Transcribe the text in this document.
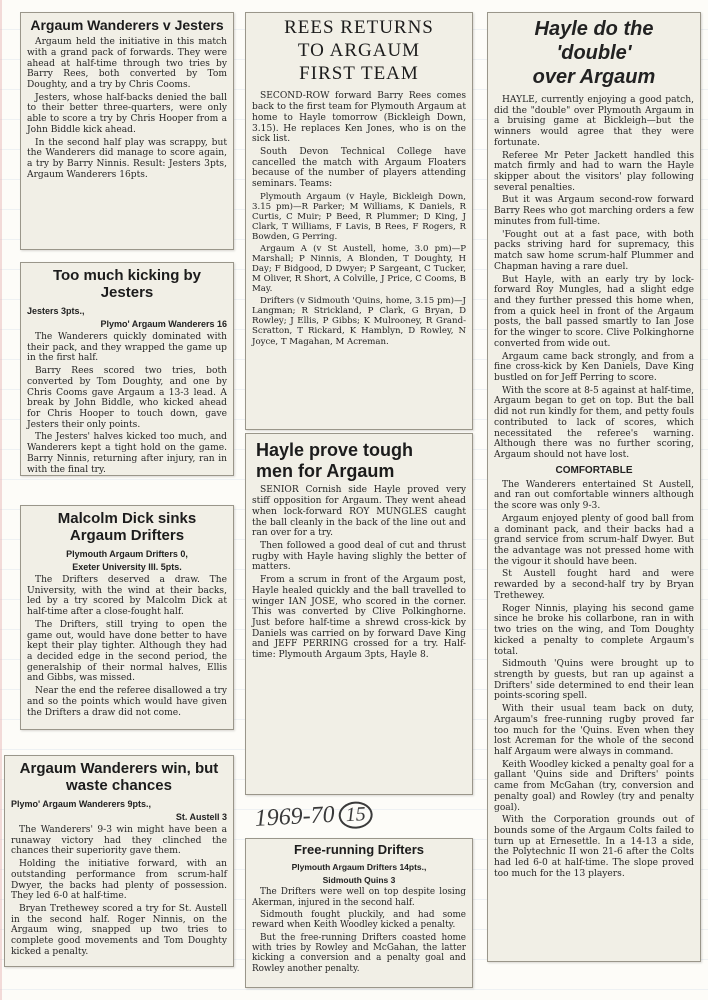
Argaum Wanderers v Jesters

Argaum held the initiative in this match with a grand pack of forwards. They were ahead at half-time through two tries by Barry Rees, both converted by Tom Doughty, and a try by Chris Cooms.

Jesters, whose half-backs denied the ball to their better three-quarters, were only able to score a try by Chris Hooper from a John Biddle kick ahead.

In the second half play was scrappy, but the Wanderers did manage to score again, a try by Barry Ninnis. Result: Jesters 3pts, Argaum Wanderers 16pts.

Too much kicking by Jesters
Jesters 3pts.,
Plymo' Argaum Wanderers 16

The Wanderers quickly dominated with their pack, and they wrapped the game up in the first half.

Barry Rees scored two tries, both converted by Tom Doughty, and one by Chris Cooms gave Argaum a 13-3 lead. A break by John Biddle, who kicked ahead for Chris Hooper to touch down, gave Jesters their only points.

The Jesters' halves kicked too much, and Wanderers kept a tight hold on the game. Barry Ninnis, returning after injury, ran in with the final try.

Malcolm Dick sinks Argaum Drifters
Plymouth Argaum Drifters 0,
Exeter University III. 5pts.

The Drifters deserved a draw. The University, with the wind at their backs, led by a try scored by Malcolm Dick at half-time after a close-fought half.

The Drifters, still trying to open the game out, would have done better to have kept their play tighter. Although they had a decided edge in the second period, the generalship of their normal halves, Ellis and Gibbs, was missed.

Near the end the referee disallowed a try and so the points which would have given the Drifters a draw did not come.

Argaum Wanderers win, but waste chances
Plymo' Argaum Wanderers 9pts.,
St. Austell 3

The Wanderers' 9-3 win might have been a runaway victory had they clinched the chances their superiority gave them.

Holding the initiative forward, with an outstanding performance from scrum-half Dwyer, the backs had plenty of possession. They led 6-0 at half-time.

Bryan Trethewey scored a try for St. Austell in the second half. Roger Ninnis, on the Argaum wing, snapped up two tries to complete good movements and Tom Doughty kicked a penalty.

REES RETURNS
TO ARGAUM
FIRST TEAM

SECOND-ROW forward Barry Rees comes back to the first team for Plymouth Argaum at home to Hayle tomorrow (Bickleigh Down, 3.15). He replaces Ken Jones, who is on the sick list.

South Devon Technical College have cancelled the match with Argaum Floaters because of the number of players attending seminars. Teams:

Plymouth Argaum (v Hayle, Bickleigh Down, 3.15 pm)—R Parker; M Williams, K Daniels, R Curtis, C Muir; P Beed, R Plummer; D King, J Clark, T Williams, F Lavis, B Rees, F Rogers, R Bowden, G Perring.

Argaum A (v St Austell, home, 3.0 pm)—P Marshall; P Ninnis, A Blonden, T Doughty, H Day; F Bidgood, D Dwyer; P Sargeant, C Tucker, M Oliver, R Short, A Colville, J Price, C Cooms, B May.

Drifters (v Sidmouth 'Quins, home, 3.15 pm)—J Langman; R Strickland, P Clark, G Bryan, D Rowley; J Ellis, P Gibbs; K Mulrooney, R Grand-Scratton, T Rickard, K Hamblyn, D Rowley, N Joyce, T Magahan, M Acreman.

Hayle prove tough men for Argaum

SENIOR Cornish side Hayle proved very stiff opposition for Argaum. They went ahead when lock-forward ROY MUNGLES caught the ball cleanly in the back of the line out and ran over for a try.

Then followed a good deal of cut and thrust rugby with Hayle having slighly the better of matters.

From a scrum in front of the Argaum post, Hayle healed quickly and the ball travelled to winger IAN JOSE, who scored in the corner. This was converted by Clive Polkinghorne. Just before half-time a shrewd cross-kick by Daniels was carried on by forward Dave King and JEFF PERRING crossed for a try. Half-time: Plymouth Argaum 3pts, Hayle 8.

1969-70 15
Free-running Drifters
Plymouth Argaum Drifters 14pts.,
Sidmouth Quins 3

The Drifters were well on top despite losing Akerman, injured in the second half.

Sidmouth fought pluckily, and had some reward when Keith Woodley kicked a penalty.

But the free-running Drifters coasted home with tries by Rowley and McGahan, the latter kicking a conversion and a penalty goal and Rowley another penalty.

Hayle do the
'double'
over Argaum

HAYLE, currently enjoying a good patch, did the "double" over Plymouth Argaum in a bruising game at Bickleigh—but the winners would agree that they were fortunate.

Referee Mr Peter Jackett handled this match firmly and had to warn the Hayle skipper about the visitors' play following several penalties.

But it was Argaum second-row forward Barry Rees who got marching orders a few minutes from full-time.

'Fought out at a fast pace, with both packs striving hard for supremacy, this match saw home scrum-half Plummer and Chapman having a rare duel.

But Hayle, with an early try by lock-forward Roy Mungles, had a slight edge and they further pressed this home when, from a quick heel in front of the Argaum posts, the ball passed smartly to Ian Jose for the winger to score. Clive Polkinghorne converted from wide out.

Argaum came back strongly, and from a fine cross-kick by Ken Daniels, Dave King bustled on for Jeff Perring to score.

With the score at 8-5 against at half-time, Argaum began to get on top. But the ball did not run kindly for them, and petty fouls contributed to lack of scores, which necessitated the referee's warning. Although there was no further scoring, Argaum should not have lost.

COMFORTABLE

The Wanderers entertained St Austell, and ran out comfortable winners although the score was only 9-3.

Argaum enjoyed plenty of good ball from a dominant pack, and their backs had a grand service from scrum-half Dwyer. But the advantage was not pressed home with the vigour it should have been.

St Austell fought hard and were rewarded by a second-half try by Bryan Trethewey.

Roger Ninnis, playing his second game since he broke his collarbone, ran in with two tries on the wing, and Tom Doughty kicked a penalty to complete Argaum's total.

Sidmouth 'Quins were brought up to strength by guests, but ran up against a Drifters' side determined to end their lean points-scoring spell.

With their usual team back on duty, Argaum's free-running rugby proved far too much for the 'Quins. Even when they lost Acreman for the whole of the second half Argaum were always in command.

Keith Woodley kicked a penalty goal for a gallant 'Quins side and Drifters' points came from McGahan (try, conversion and penalty goal) and Rowley (try and penalty goal).

With the Corporation grounds out of bounds some of the Argaum Colts failed to turn up at Ernesettle. In a 14-13 a side, the Polytechnic II won 21-6 after the Colts had led 6-0 at half-time. The slope proved too much for the 13 players.
